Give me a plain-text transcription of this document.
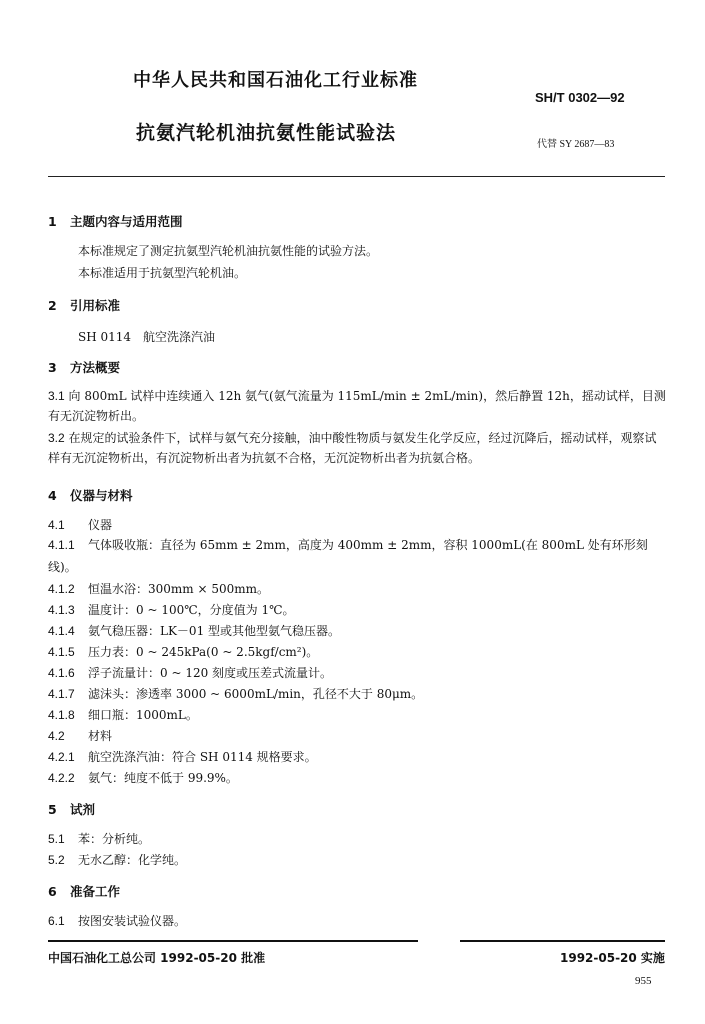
中华人民共和国石油化工行业标准
SH/T 0302—92
抗氨汽轮机油抗氨性能试验法
代替 SY 2687—83
1 主题内容与适用范围
本标准规定了测定抗氨型汽轮机油抗氨性能的试验方法。
本标准适用于抗氨型汽轮机油。
2 引用标准
SH 0114　航空洗涤汽油
3 方法概要
3.1 向 800mL 试样中连续通入 12h 氨气(氨气流量为 115mL/min ± 2mL/min)，然后静置 12h，摇动试样，目测有无沉淀物析出。
3.2 在规定的试验条件下，试样与氨气充分接触，油中酸性物质与氨发生化学反应，经过沉降后，摇动试样，观察试样有无沉淀物析出，有沉淀物析出者为抗氨不合格，无沉淀物析出者为抗氨合格。
4 仪器与材料
4.1 仪器
4.1.1 气体吸收瓶：直径为 65mm ± 2mm，高度为 400mm ± 2mm，容积 1000mL(在 800mL 处有环形刻线)。
4.1.2 恒温水浴：300mm × 500mm。
4.1.3 温度计：0 ~ 100℃，分度值为 1℃。
4.1.4 氨气稳压器：LK－01 型或其他型氨气稳压器。
4.1.5 压力表：0 ~ 245kPa(0 ~ 2.5kgf/cm²)。
4.1.6 浮子流量计：0 ~ 120 刻度或压差式流量计。
4.1.7 滤沫头：渗透率 3000 ~ 6000mL/min，孔径不大于 80μm。
4.1.8 细口瓶：1000mL。
4.2 材料
4.2.1 航空洗涤汽油：符合 SH 0114 规格要求。
4.2.2 氨气：纯度不低于 99.9%。
5 试剂
5.1 苯：分析纯。
5.2 无水乙醇：化学纯。
6 准备工作
6.1 按图安装试验仪器。
中国石油化工总公司 1992-05-20 批准	1992-05-20 实施
955
